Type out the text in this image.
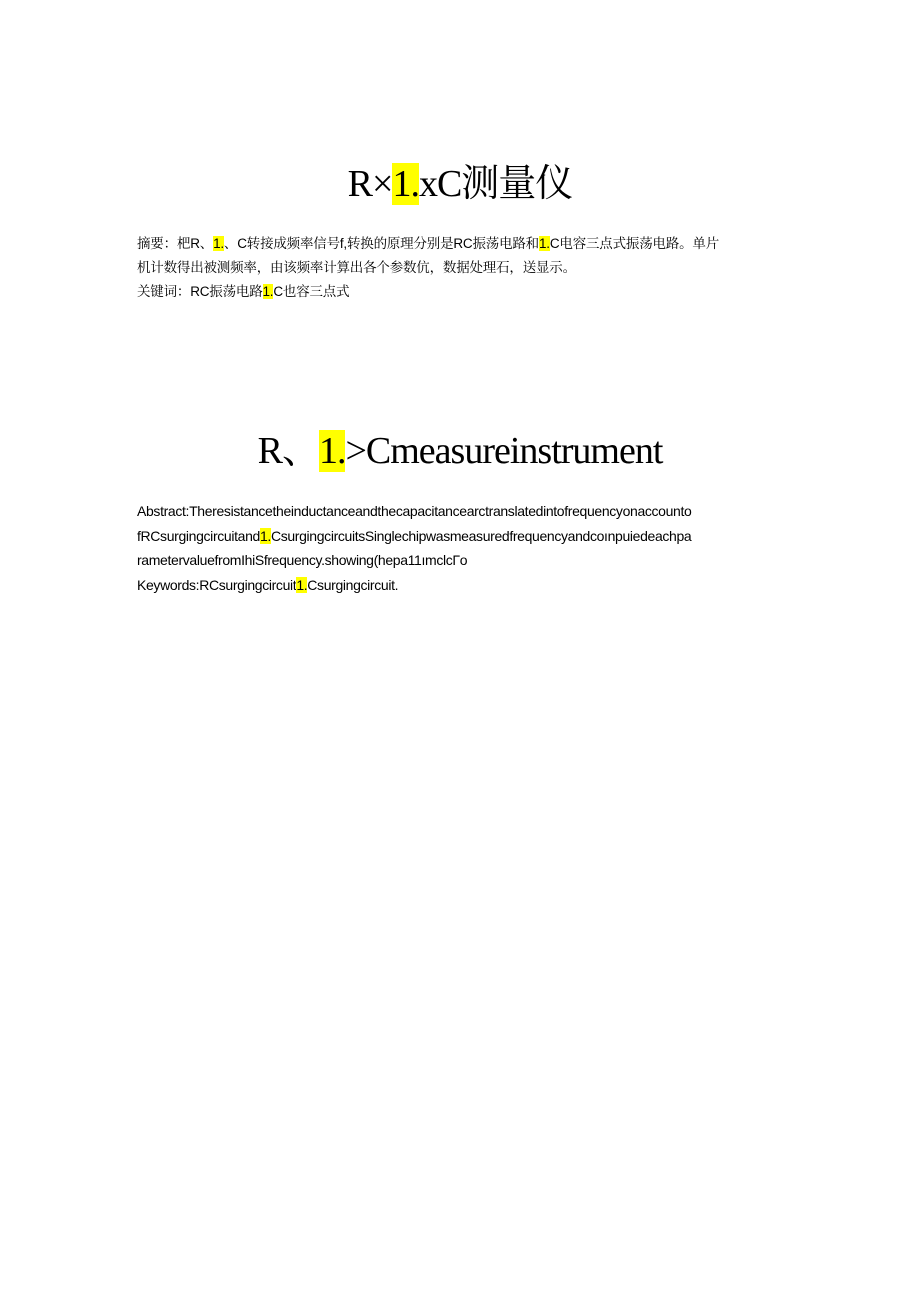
R×1.xC测量仪
摘要：杷R、1.、C转接成频率信号f,转换的原理分别是RC振荡电路和1.C电容三点式振荡电路。单片
机计数得出被测频率，由该频率计算出各个参数伉，数据处理石，送显示。
关键词：RC振荡电路1.C也容三点式
R、1.>Cmeasureinstrument
Abstract:Theresistancetheinductanceandthecapacitancearctranslatedintofrequencyonaccounto
fRCsurgingcircuitand1.CsurgingcircuitsSinglechipwasmeasuredfrequencyandcoınpuiedeachpa
rametervaluefromIhiSfrequency.showing(hepa11ımclcΓo
Keywords:RCsurgingcircuit1.Csurgingcircuit.
